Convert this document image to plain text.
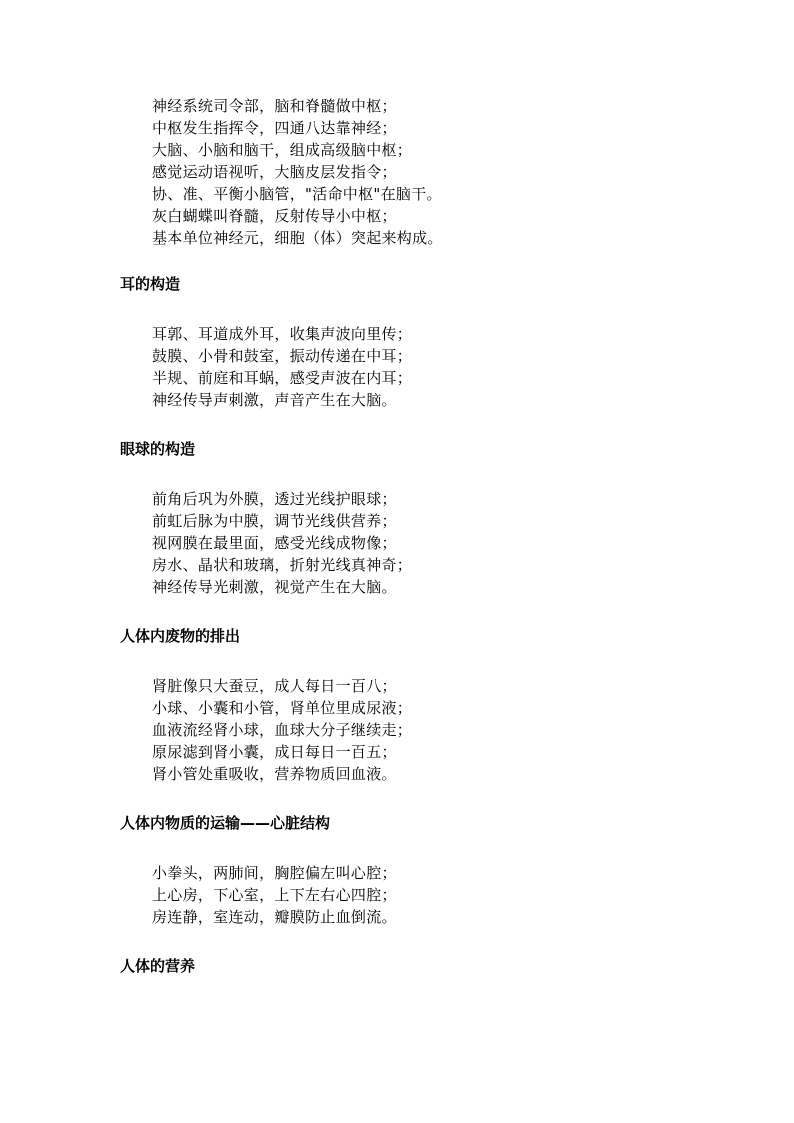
神经系统司令部，脑和脊髓做中枢；
中枢发生指挥令，四通八达靠神经；
大脑、小脑和脑干，组成高级脑中枢；
感觉运动语视听，大脑皮层发指令；
协、准、平衡小脑管，"活命中枢"在脑干。
灰白蝴蝶叫脊髓，反射传导小中枢；
基本单位神经元，细胞（体）突起来构成。
耳的构造
耳郭、耳道成外耳，收集声波向里传；
鼓膜、小骨和鼓室，振动传递在中耳；
半规、前庭和耳蜗，感受声波在内耳；
神经传导声刺激，声音产生在大脑。
眼球的构造
前角后巩为外膜，透过光线护眼球；
前虹后脉为中膜，调节光线供营养；
视网膜在最里面，感受光线成物像；
房水、晶状和玻璃，折射光线真神奇；
神经传导光刺激，视觉产生在大脑。
人体内废物的排出
肾脏像只大蚕豆，成人每日一百八；
小球、小囊和小管，肾单位里成尿液；
血液流经肾小球，血球大分子继续走；
原尿滤到肾小囊，成日每日一百五；
肾小管处重吸收，营养物质回血液。
人体内物质的运输——心脏结构
小拳头，两肺间，胸腔偏左叫心腔；
上心房，下心室，上下左右心四腔；
房连静，室连动，瓣膜防止血倒流。
人体的营养
